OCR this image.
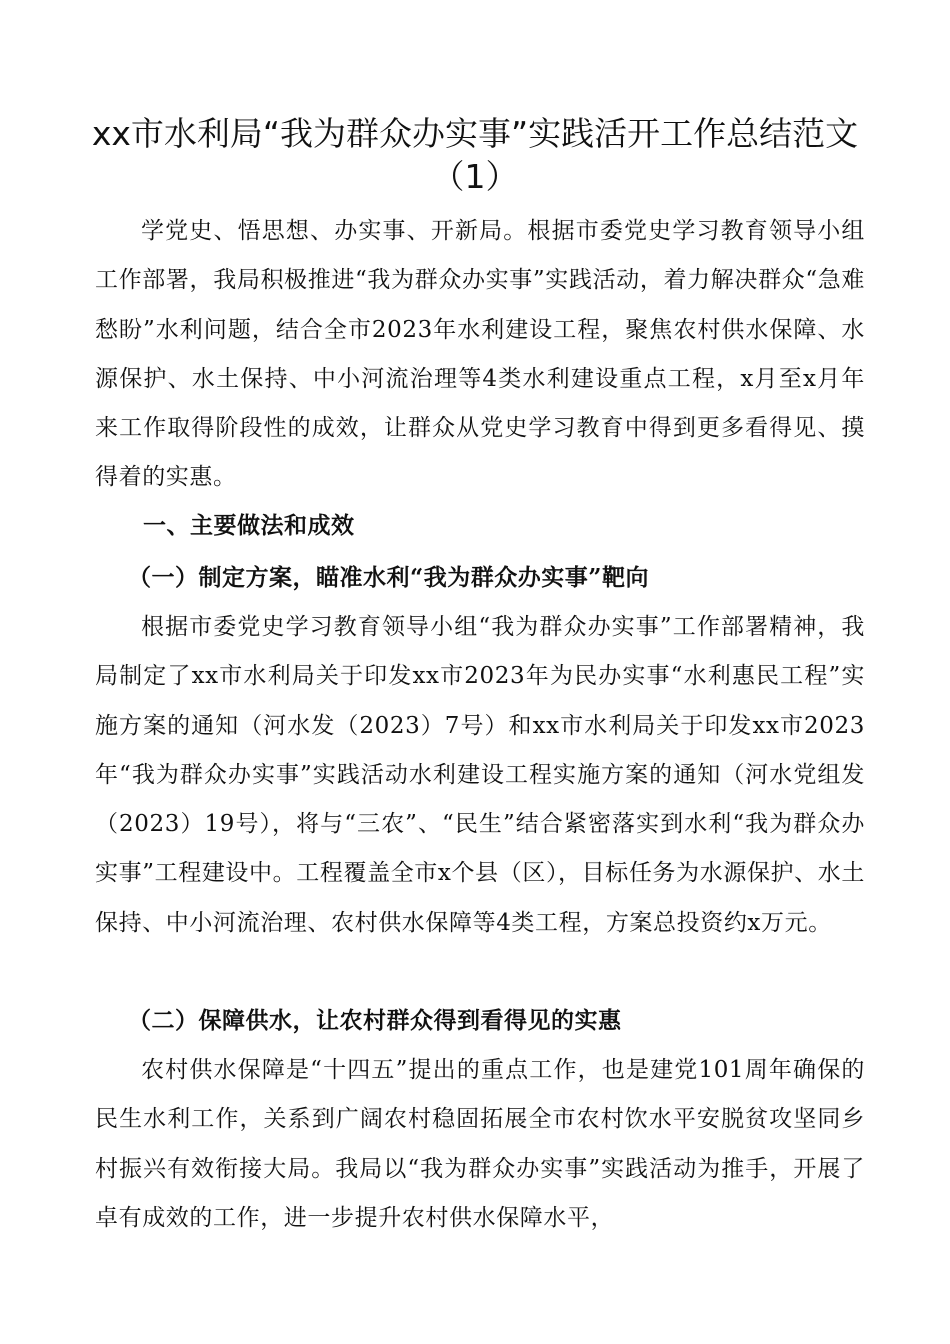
xx市水利局“我为群众办实事”实践活开工作总结范文（1）

学党史、悟思想、办实事、开新局。根据市委党史学习教育领导小组工作部署，我局积极推进“我为群众办实事”实践活动，着力解决群众“急难愁盼”水利问题，结合全市2023年水利建设工程，聚焦农村供水保障、水源保护、水土保持、中小河流治理等4类水利建设重点工程，x月至x月年来工作取得阶段性的成效，让群众从党史学习教育中得到更多看得见、摸得着的实惠。

一、主要做法和成效
（一）制定方案，瞄准水利“我为群众办实事”靶向

根据市委党史学习教育领导小组“我为群众办实事”工作部署精神，我局制定了xx市水利局关于印发xx市2023年为民办实事“水利惠民工程”实施方案的通知（河水发（2023）7号）和xx市水利局关于印发xx市2023年“我为群众办实事”实践活动水利建设工程实施方案的通知（河水党组发（2023）19号），将与“三农”、“民生”结合紧密落实到水利“我为群众办实事”工程建设中。工程覆盖全市x个县（区），目标任务为水源保护、水土保持、中小河流治理、农村供水保障等4类工程，方案总投资约x万元。

（二）保障供水，让农村群众得到看得见的实惠

农村供水保障是“十四五”提出的重点工作，也是建党101周年确保的民生水利工作，关系到广阔农村稳固拓展全市农村饮水平安脱贫攻坚同乡村振兴有效衔接大局。我局以“我为群众办实事”实践活动为推手，开展了卓有成效的工作，进一步提升农村供水保障水平，
